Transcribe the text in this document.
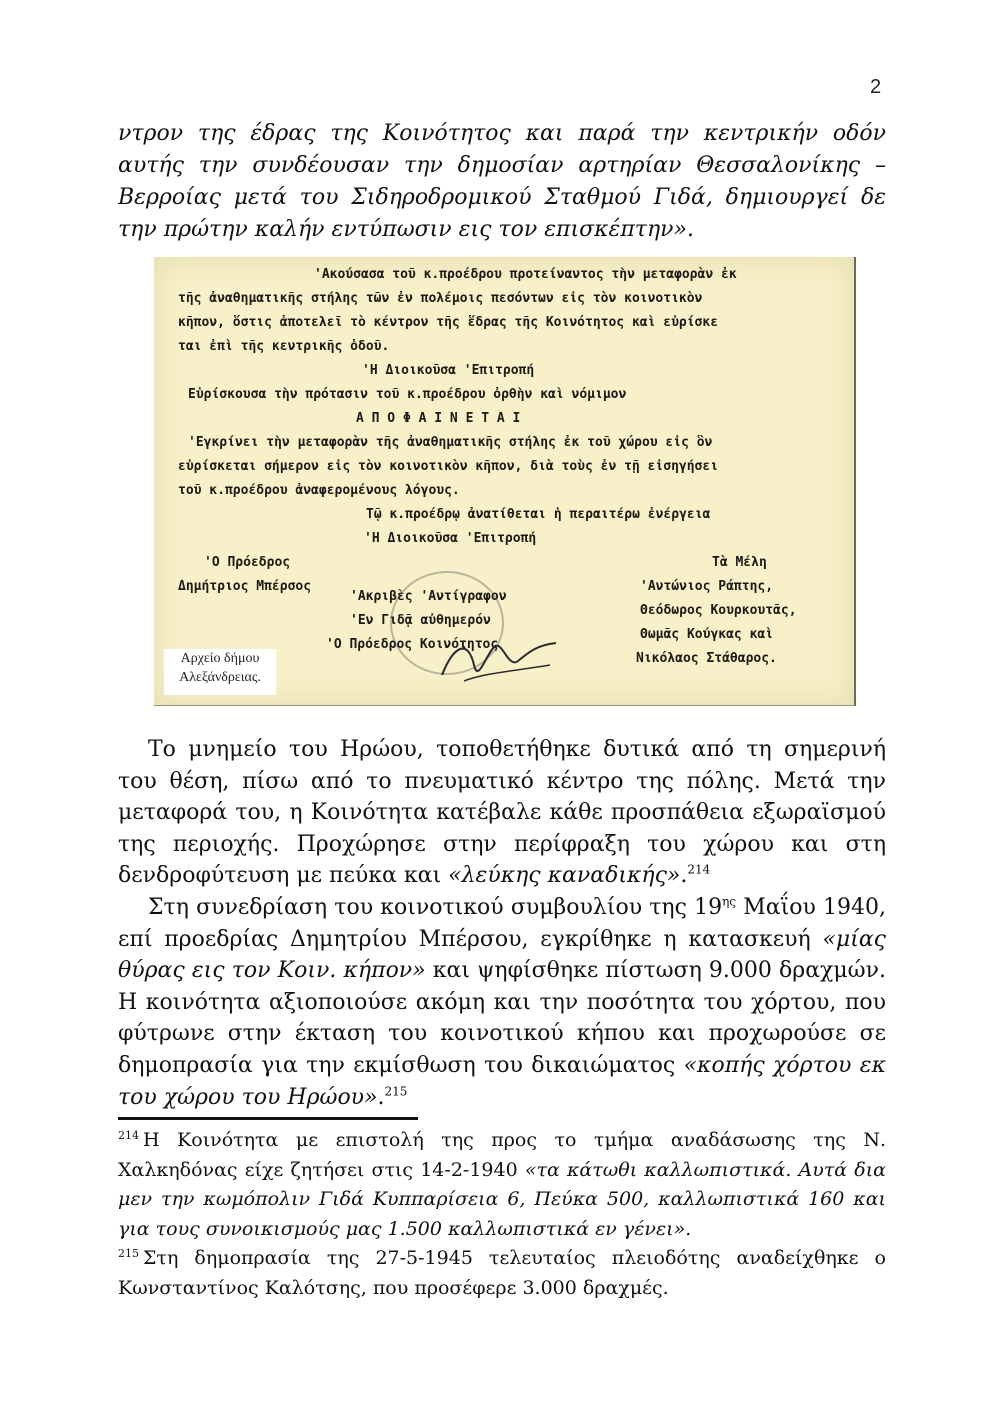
2

ντρον της έδρας της Κοινότητος και παρά την κεντρικήν οδόν αυτής την συνδέουσαν την δημοσίαν αρτηρίαν Θεσσαλονίκης – Βερροίας μετά του Σιδηροδρομικού Σταθμού Γιδά, δημιουργεί δε την πρώτην καλήν εντύπωσιν εις τον επισκέπτην».

'Ακούσασα τοῦ κ.προέδρου προτείναντος τὴν μεταφορὰν ἐκ
τῆς ἀναθηματικῆς στήλης τῶν ἐν πολέμοις πεσόντων εἰς τὸν κοινοτικὸν
κῆπον, ὅστις ἀποτελεῖ τὸ κέντρον τῆς ἕδρας τῆς Κοινότητος καὶ εὑρίσκε
ται ἐπὶ τῆς κεντρικῆς ὁδοῦ.
'Η Διοικοῦσα 'Επιτροπή
Εὑρίσκουσα τὴν πρότασιν τοῦ κ.προέδρου ὀρθὴν καὶ νόμιμον
Α Π Ο Φ Α Ι Ν Ε Τ Α Ι
'Εγκρίνει τὴν μεταφορὰν τῆς ἀναθηματικῆς στήλης ἐκ τοῦ χώρου εἰς ὃν
εὑρίσκεται σήμερον εἰς τὸν κοινοτικὸν κῆπον, διὰ τοὺς ἐν τῇ εἰσηγήσει
τοῦ κ.προέδρου ἀναφερομένους λόγους.
Τῷ κ.προέδρῳ ἀνατίθεται ἡ περαιτέρω ἐνέργεια
'Η Διοικοῦσα 'Επιτροπή
'Ο Πρόεδρος
Δημήτριος Μπέρσος
'Ακριβὲς 'Αντίγραφον
'Εν Γιδᾷ αὐθημερόν
'Ο Πρόεδρος Κοινότητος
Τὰ Μέλη
'Αντώνιος Ράπτης,
Θεόδωρος Κουρκουτᾶς,
Θωμᾶς Κούγκας καὶ
Νικόλαος Στάθαρος.
Αρχείο δήμου
Αλεξάνδρειας.

Το μνημείο του Ηρώου, τοποθετήθηκε δυτικά από τη σημερινή του θέση, πίσω από το πνευματικό κέντρο της πόλης. Μετά την μεταφορά του, η Κοινότητα κατέβαλε κάθε προσπάθεια εξωραϊσμού της περιοχής. Προχώρησε στην περίφραξη του χώρου και στη δενδροφύτευση με πεύκα και «λεύκης καναδικής».$^{214}$

Στη συνεδρίαση του κοινοτικού συμβουλίου της $19^{\eta\varsigma}$ Μαΐου 1940, επί προεδρίας Δημητρίου Μπέρσου, εγκρίθηκε η κατασκευή «μίας θύρας εις τον Κοιν. κήπον» και ψηφίσθηκε πίστωση 9.000 δραχμών. Η κοινότητα αξιοποιούσε ακόμη και την ποσότητα του χόρτου, που φύτρωνε στην έκταση του κοινοτικού κήπου και προχωρούσε σε δημοπρασία για την εκμίσθωση του δικαιώματος «κοπής χόρτου εκ του χώρου του Ηρώου».$^{215}$

$^{214}$ Η Κοινότητα με επιστολή της προς το τμήμα αναδάσωσης της Ν. Χαλκηδόνας είχε ζητήσει στις 14-2-1940 «τα κάτωθι καλλωπιστικά. Αυτά δια μεν την κωμόπολιν Γιδά Κυππαρίσεια 6, Πεύκα 500, καλλωπιστικά 160 και για τους συνοικισμούς μας 1.500 καλλωπιστικά εν γένει».

$^{215}$ Στη δημοπρασία της 27-5-1945 τελευταίος πλειοδότης αναδείχθηκε ο Κωνσταντίνος Καλότσης, που προσέφερε 3.000 δραχμές.
